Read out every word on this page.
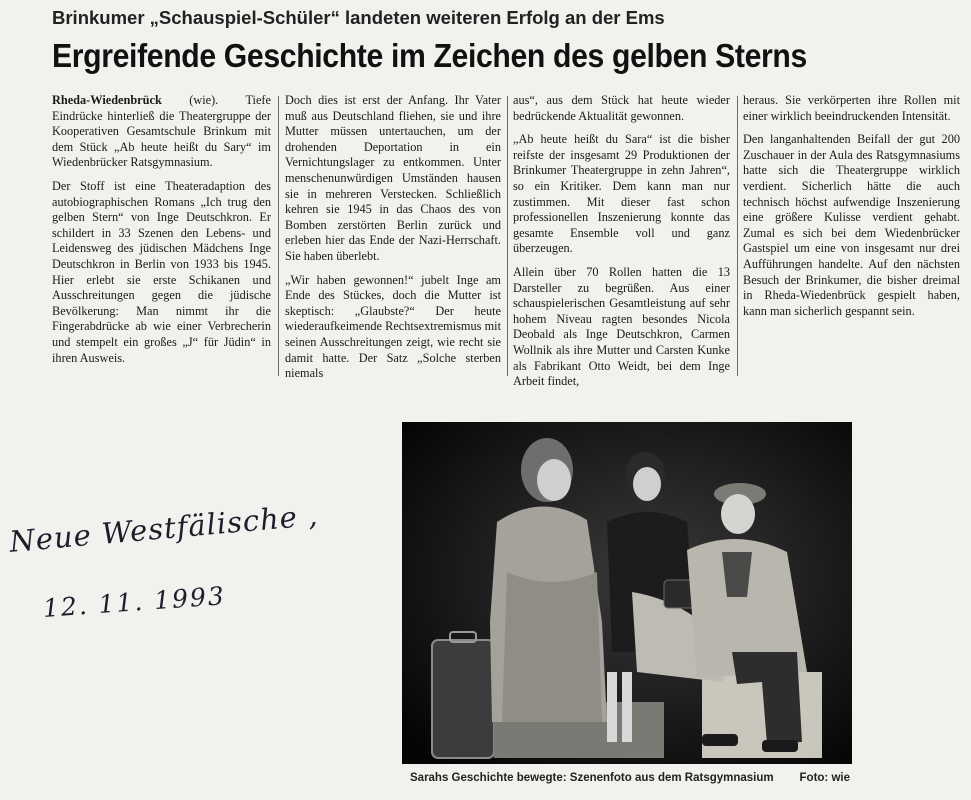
Brinkumer „Schauspiel-Schüler“ landeten weiteren Erfolg an der Ems
Ergreifende Geschichte im Zeichen des gelben Sterns

Rheda-Wiedenbrück (wie). Tiefe Eindrücke hinterließ die Theatergruppe der Kooperativen Gesamtschule Brinkum mit dem Stück „Ab heute heißt du Sary“ im Wiedenbrücker Ratsgymnasium.

Der Stoff ist eine Theateradaption des autobiographischen Romans „Ich trug den gelben Stern“ von Inge Deutschkron. Er schildert in 33 Szenen den Lebens- und Leidensweg des jüdischen Mädchens Inge Deutschkron in Berlin von 1933 bis 1945. Hier erlebt sie erste Schikanen und Ausschreitungen gegen die jüdische Bevölkerung: Man nimmt ihr die Fingerabdrücke ab wie einer Verbrecherin und stempelt ein großes „J“ für Jüdin“ in ihren Ausweis.

Doch dies ist erst der Anfang. Ihr Vater muß aus Deutschland fliehen, sie und ihre Mutter müssen untertauchen, um der drohenden Deportation in ein Vernichtungslager zu entkommen. Unter menschenunwürdigen Umständen hausen sie in mehreren Verstecken. Schließlich kehren sie 1945 in das Chaos des von Bomben zerstörten Berlin zurück und erleben hier das Ende der Nazi-Herrschaft. Sie haben überlebt.

„Wir haben gewonnen!“ jubelt Inge am Ende des Stückes, doch die Mutter ist skeptisch: „Glaubste?“ Der heute wiederaufkeimende Rechtsextremismus mit seinen Ausschreitungen zeigt, wie recht sie damit hatte. Der Satz „Solche sterben niemals

aus“, aus dem Stück hat heute wieder bedrückende Aktualität gewonnen.

„Ab heute heißt du Sara“ ist die bisher reifste der insgesamt 29 Produktionen der Brinkumer Theatergruppe in zehn Jahren“, so ein Kritiker. Dem kann man nur zustimmen. Mit dieser fast schon professionellen Inszenierung konnte das gesamte Ensemble voll und ganz überzeugen.

Allein über 70 Rollen hatten die 13 Darsteller zu begrüßen. Aus einer schauspielerischen Gesamtleistung auf sehr hohem Niveau ragten besondes Nicola Deobald als Inge Deutschkron, Carmen Wollnik als ihre Mutter und Carsten Kunke als Fabrikant Otto Weidt, bei dem Inge Arbeit findet,

heraus. Sie verkörperten ihre Rollen mit einer wirklich beeindruckenden Intensität.

Den langanhaltenden Beifall der gut 200 Zuschauer in der Aula des Ratsgymnasiums hatte sich die Theatergruppe wirklich verdient. Sicherlich hätte die auch technisch höchst aufwendige Inszenierung eine größere Kulisse verdient gehabt. Zumal es sich bei dem Wiedenbrücker Gastspiel um eine von insgesamt nur drei Aufführungen handelte. Auf den nächsten Besuch der Brinkumer, die bisher dreimal in Rheda-Wiedenbrück gespielt haben, kann man sicherlich gespannt sein.

Sarahs Geschichte bewegte: Szenenfoto aus dem Ratsgymnasium Foto: wie
Neue Westfälische ,
12. 11. 1993
